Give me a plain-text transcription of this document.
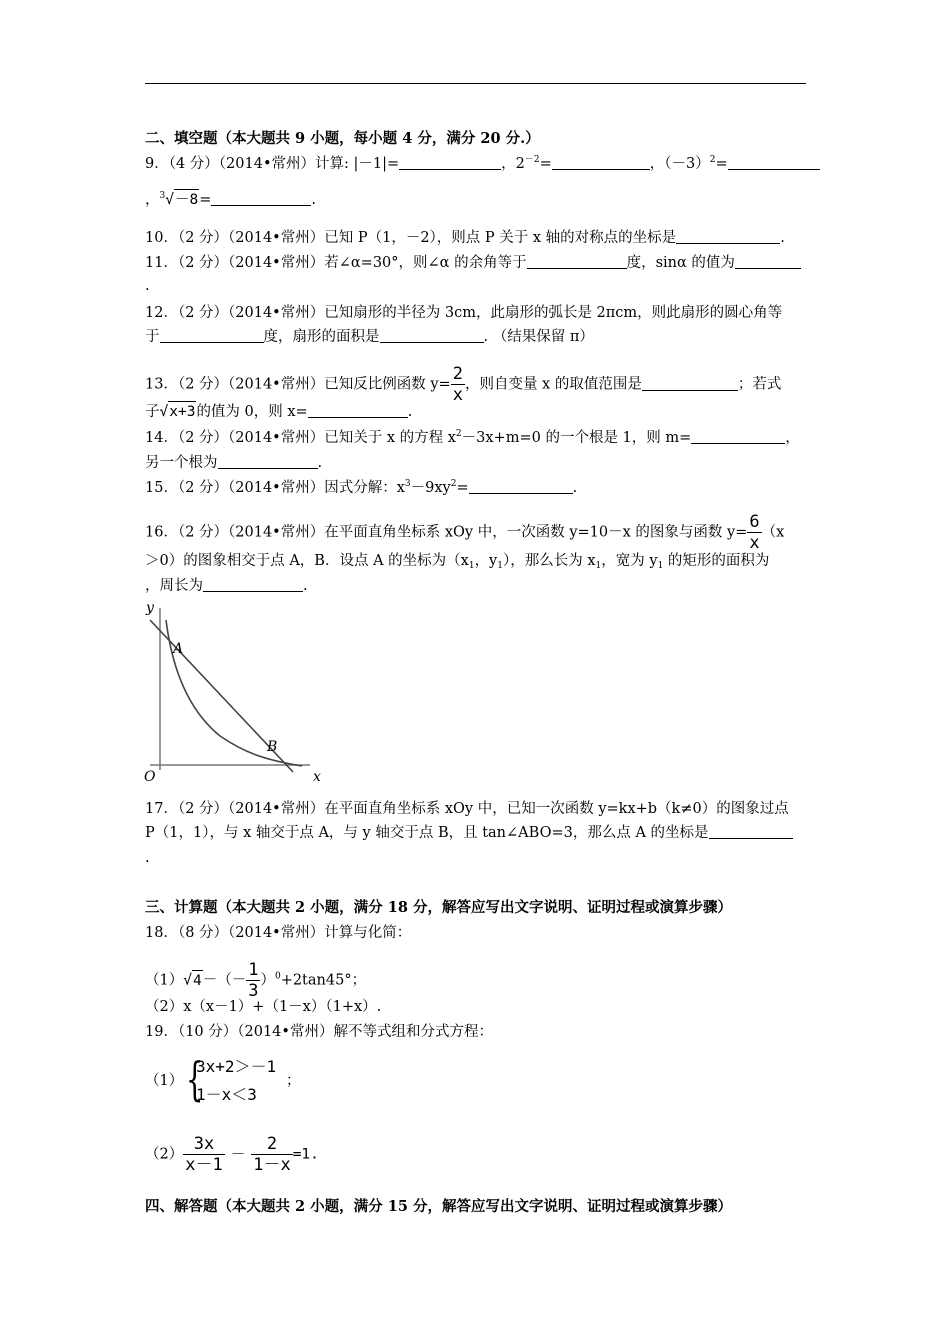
二、填空题（本大题共 9 小题，每小题 4 分，满分 20 分.）
9．（4 分）（2014•常州）计算: |－1|=	，$2^{-2}=$	，$(-3)^2=$
，$^3$√－8=	.
10．（2 分）（2014•常州）已知 P（1，－2），则点 P 关于 x 轴的对称点的坐标是	.
11．（2 分）（2014•常州）若∠α=30°，则∠α 的余角等于	度，sinα 的值为
.
12．（2 分）（2014•常州）已知扇形的半径为 3cm，此扇形的弧长是 2πcm，则此扇形的圆心角等
于	度，扇形的面积是	. （结果保留 π）
13．（2 分）（2014•常州）已知反比例函数 $y= \frac{2}{x}$ ，则自变量 x 的取值范围是	；若式
子√x+3的值为 0，则 x=	.
14．（2 分）（2014•常州）已知关于 x 的方程 $x^2-3x+m=0$ 的一个根是 1，则 m=	，
另一个根为	.
15．（2 分）（2014•常州）因式分解：$x^3-9xy^2=$	.
16．（2 分）（2014•常州）在平面直角坐标系 xOy 中，一次函数 y=10－x 的图象与函数 $y= \frac{6}{x} (x$
＞0）的图象相交于点 A，B．设点 A 的坐标为（$x_1$，$y_1$），那么长为 $x_1$，宽为 $y_1$ 的矩形的面积为
，周长为	.
y
x
O
A
B
17．（2 分）（2014•常州）在平面直角坐标系 xOy 中，已知一次函数 y=kx+b（k≠0）的图象过点
P（1，1），与 x 轴交于点 A，与 y 轴交于点 B，且 tan∠ABO=3，那么点 A 的坐标是
.
三、计算题（本大题共 2 小题，满分 18 分，解答应写出文字说明、证明过程或演算步骤）
18．（8 分）（2014•常州）计算与化简：
$(1)√4-(- \frac{1}{3} )^0+2\tan 45^\circ$；
（2）x（x－1）+（1－x）（1+x）.
19．（10 分）（2014•常州）解不等式组和分式方程：
（1） {
3x+2＞－1
1－x＜3
；
$(2) \frac{3x}{x-1} - \frac{2}{1-x} =1$.
四、解答题（本大题共 2 小题，满分 15 分，解答应写出文字说明、证明过程或演算步骤）
